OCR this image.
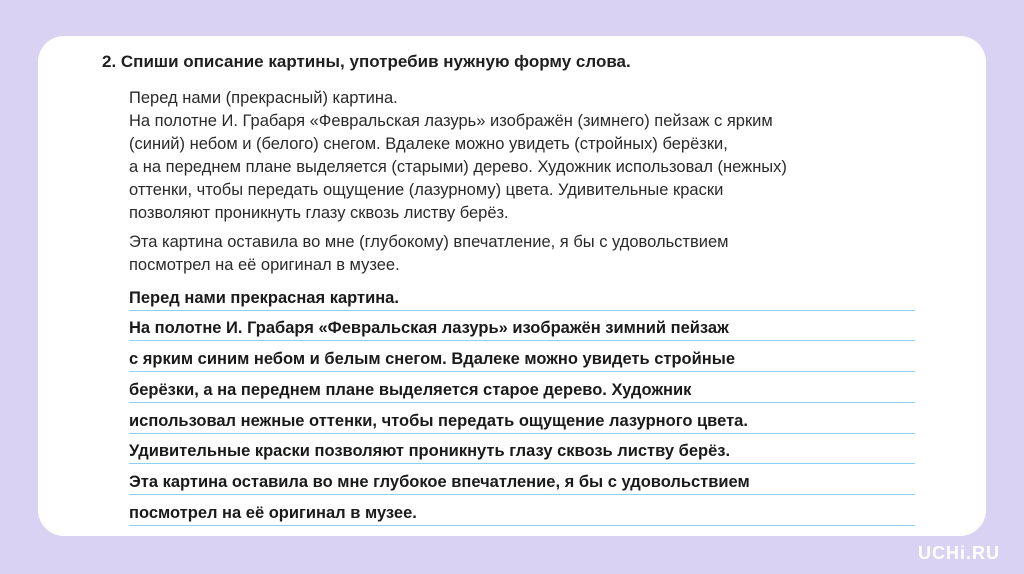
2. Спиши описание картины, употребив нужную форму слова.
Перед нами (прекрасный) картина.
На полотне И. Грабаря «Февральская лазурь» изображён (зимнего) пейзаж с ярким
(синий) небом и (белого) снегом. Вдалеке можно увидеть (стройных) берёзки,
а на переднем плане выделяется (старыми) дерево. Художник использовал (нежных)
оттенки, чтобы передать ощущение (лазурному) цвета. Удивительные краски
позволяют проникнуть глазу сквозь листву берёз.
Эта картина оставила во мне (глубокому) впечатление, я бы с удовольствием
посмотрел на её оригинал в музее.
Перед нами прекрасная картина.
На полотне И. Грабаря «Февральская лазурь» изображён зимний пейзаж
с ярким синим небом и белым снегом. Вдалеке можно увидеть стройные
берёзки, а на переднем плане выделяется старое дерево. Художник
использовал нежные оттенки, чтобы передать ощущение лазурного цвета.
Удивительные краски позволяют проникнуть глазу сквозь листву берёз.
Эта картина оставила во мне глубокое впечатление, я бы с удовольствием
посмотрел на её оригинал в музее.
UCHi.RU
